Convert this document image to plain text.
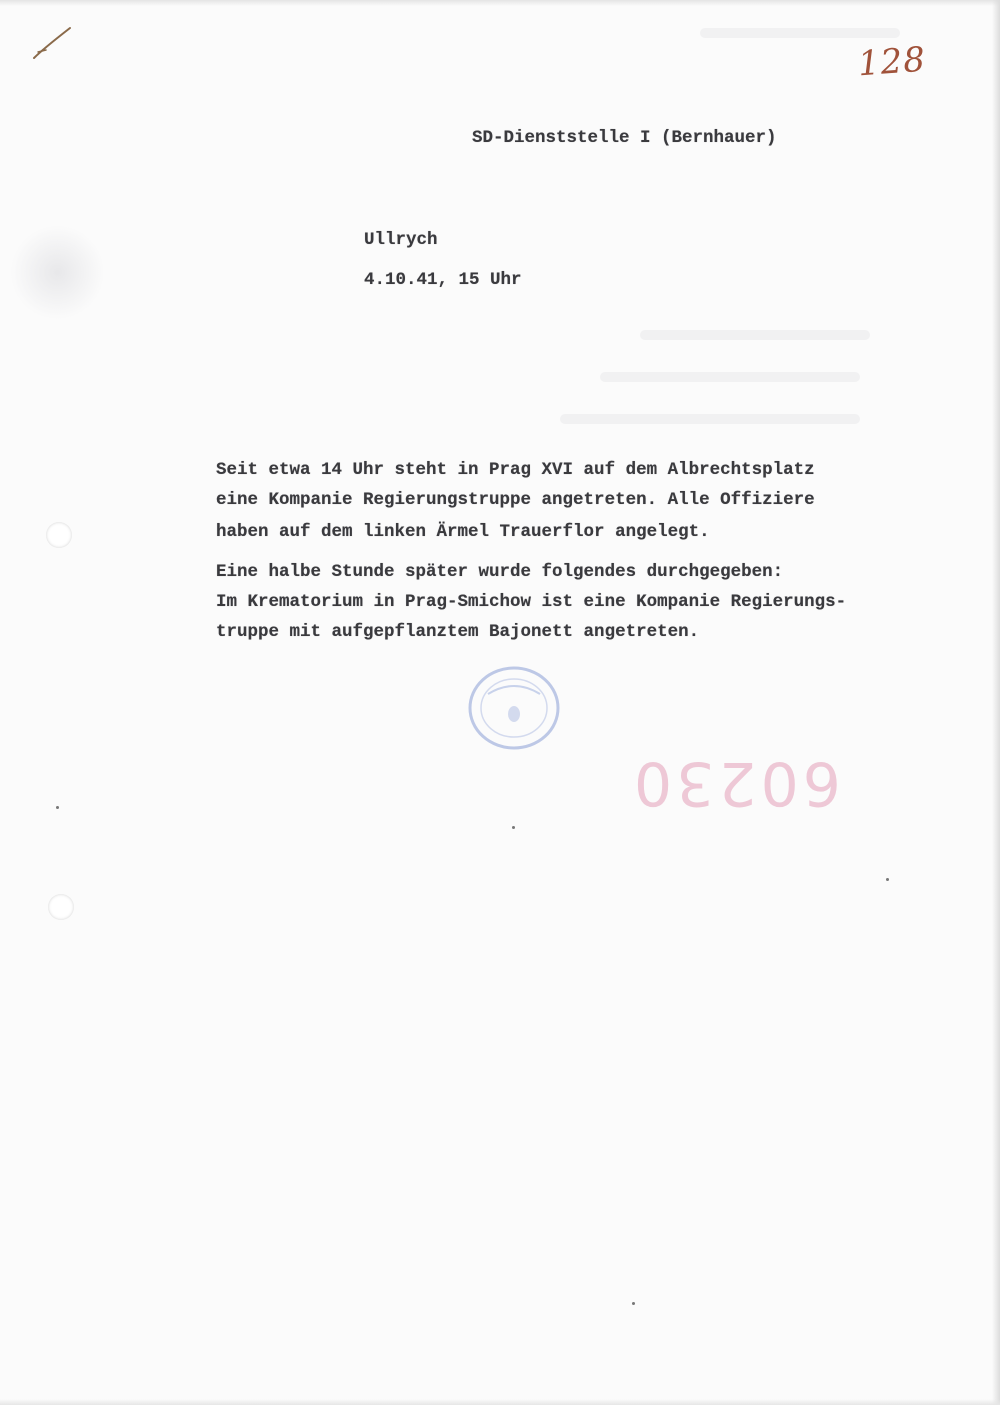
128

SD-Dienststelle I (Bernhauer)

Ullrych

4.10.41, 15 Uhr

Seit etwa 14 Uhr steht in Prag XVI auf dem Albrechtsplatz

eine Kompanie Regierungstruppe angetreten. Alle Offiziere

haben auf dem linken Ärmel Trauerflor angelegt.

Eine halbe Stunde später wurde folgendes durchgegeben:

Im Krematorium in Prag-Smichow ist eine Kompanie Regierungs-

truppe mit aufgepflanztem Bajonett angetreten.

60230
